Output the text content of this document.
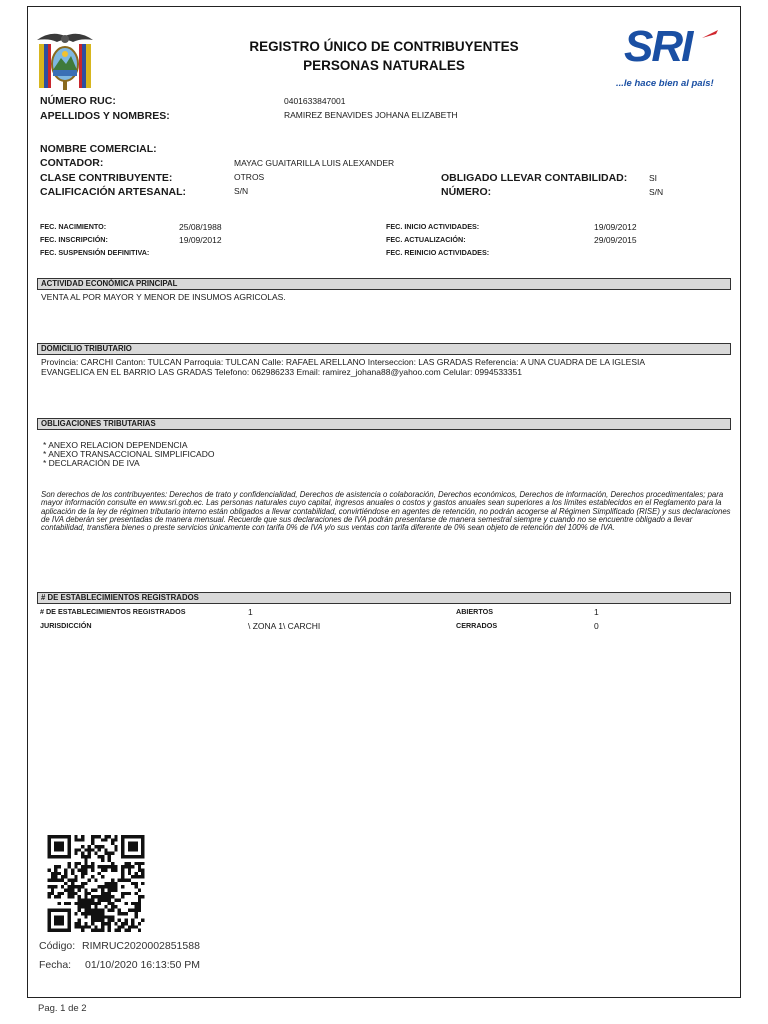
REGISTRO ÚNICO DE CONTRIBUYENTES
PERSONAS NATURALES	SRI
...le hace bien al país!
NÚMERO RUC:	0401633847001
APELLIDOS Y NOMBRES:	RAMIREZ BENAVIDES JOHANA ELIZABETH
NOMBRE COMERCIAL:
CONTADOR:	MAYAC GUAITARILLA LUIS ALEXANDER
CLASE CONTRIBUYENTE:	OTROS	OBLIGADO LLEVAR CONTABILIDAD:	SI
CALIFICACIÓN ARTESANAL:	S/N	NÚMERO:	S/N
FEC. NACIMIENTO:	25/08/1988
FEC. INSCRIPCIÓN:	19/09/2012
FEC. SUSPENSIÓN DEFINITIVA:
FEC. INICIO ACTIVIDADES:	19/09/2012
FEC. ACTUALIZACIÓN:	29/09/2015
FEC. REINICIO ACTIVIDADES:
ACTIVIDAD ECONÓMICA PRINCIPAL
VENTA AL POR MAYOR Y MENOR DE INSUMOS AGRICOLAS.
DOMICILIO TRIBUTARIO
Provincia: CARCHI Canton: TULCAN Parroquia: TULCAN Calle: RAFAEL ARELLANO Interseccion: LAS GRADAS Referencia: A UNA CUADRA DE LA IGLESIA
EVANGELICA EN EL BARRIO LAS GRADAS Telefono: 062986233 Email: ramirez_johana88@yahoo.com Celular: 0994533351
OBLIGACIONES TRIBUTARIAS
* ANEXO RELACION DEPENDENCIA
* ANEXO TRANSACCIONAL SIMPLIFICADO
* DECLARACIÓN DE IVA
Son derechos de los contribuyentes: Derechos de trato y confidencialidad, Derechos de asistencia o colaboración, Derechos económicos, Derechos de información, Derechos procedimentales; para mayor información consulte en www.sri.gob.ec. Las personas naturales cuyo capital, ingresos anuales o costos y gastos anuales sean superiores a los límites establecidos en el Reglamento para la aplicación de la ley de régimen tributario interno están obligados a llevar contabilidad, convirtiéndose en agentes de retención, no podrán acogerse al Régimen Simplificado (RISE) y sus declaraciones de IVA deberán ser presentadas de manera mensual. Recuerde que sus declaraciones de IVA podrán presentarse de manera semestral siempre y cuando no se encuentre obligado a llevar contabilidad, transfiera bienes o preste servicios únicamente con tarifa 0% de IVA y/o sus ventas con tarifa diferente de 0% sean objeto de retención del 100% de IVA.
# DE ESTABLECIMIENTOS REGISTRADOS
# DE ESTABLECIMIENTOS REGISTRADOS	1	ABIERTOS	1
JURISDICCIÓN	\ ZONA 1\ CARCHI	CERRADOS	0
Código: RIMRUC2020002851588
Fecha: 01/10/2020 16:13:50 PM
Pag. 1 de 2
